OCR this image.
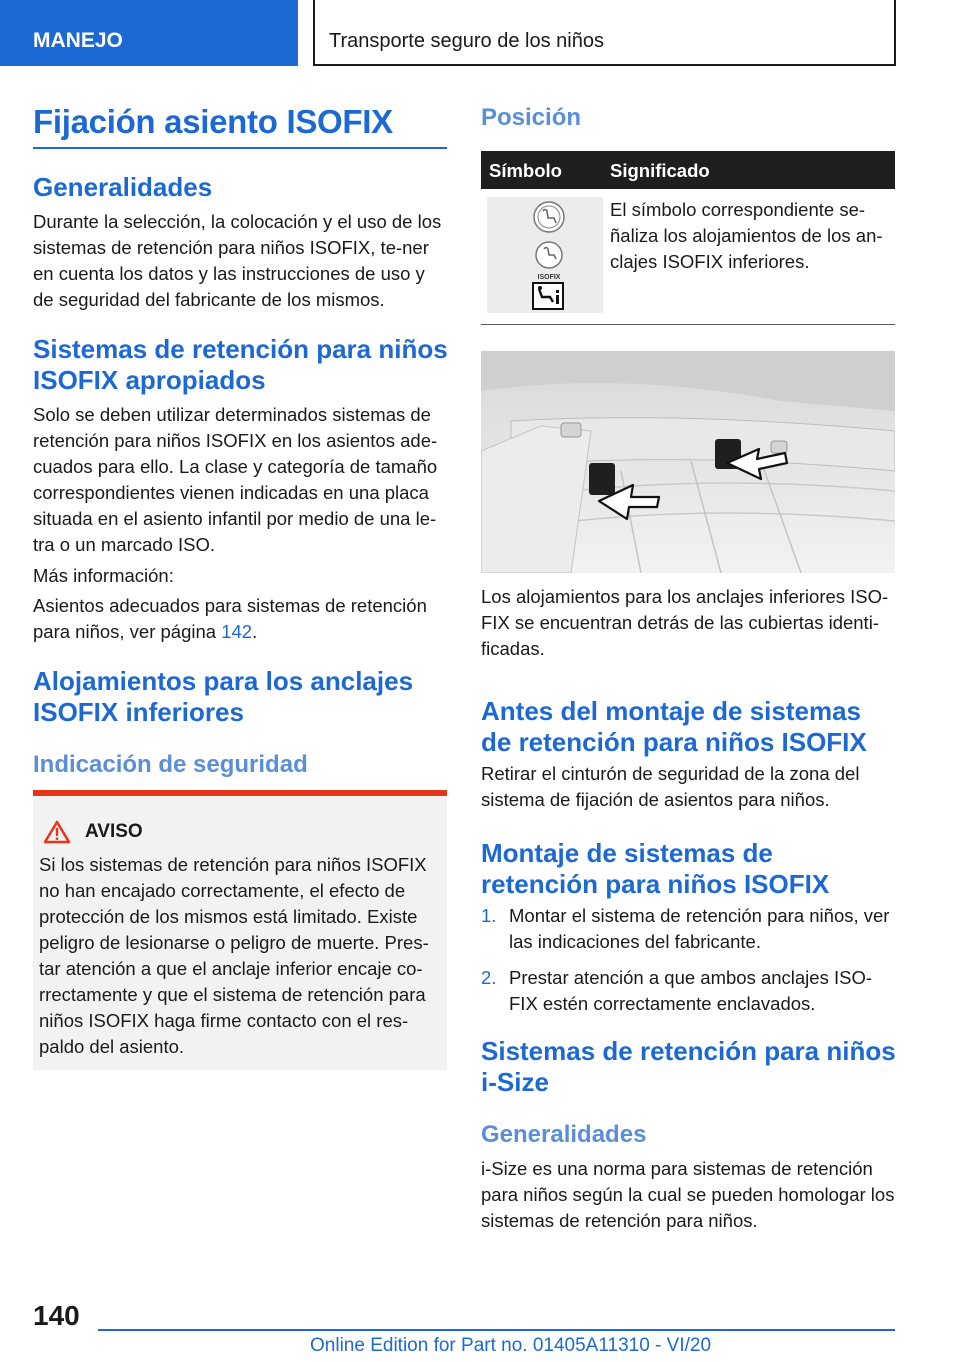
MANEJO	Transporte seguro de los niños
Fijación asiento ISOFIX
Generalidades
Durante la selección, la colocación y el uso de los sistemas de retención para niños ISOFIX, te-ner en cuenta los datos y las instrucciones de uso y de seguridad del fabricante de los mismos.
Sistemas de retención para niños
ISOFIX apropiados
Solo se deben utilizar determinados sistemas de retención para niños ISOFIX en los asientos ade-cuados para ello. La clase y categoría de tamaño correspondientes vienen indicadas en una placa situada en el asiento infantil por medio de una le-tra o un marcado ISO.
Más información:
Asientos adecuados para sistemas de retención para niños, ver página 142.
Alojamientos para los anclajes
ISOFIX inferiores
Indicación de seguridad
AVISO
Si los sistemas de retención para niños ISOFIX no han encajado correctamente, el efecto de protección de los mismos está limitado. Existe peligro de lesionarse o peligro de muerte. Pres-tar atención a que el anclaje inferior encaje co-rrectamente y que el sistema de retención para niños ISOFIX haga firme contacto con el res-paldo del asiento.
Posición
Símbolo	Significado
ISOFIX
El símbolo correspondiente se-ñaliza los alojamientos de los an-clajes ISOFIX inferiores.
Los alojamientos para los anclajes inferiores ISO-FIX se encuentran detrás de las cubiertas identi-ficadas.
Antes del montaje de sistemas
de retención para niños ISOFIX
Retirar el cinturón de seguridad de la zona del sistema de fijación de asientos para niños.
Montaje de sistemas de
retención para niños ISOFIX
1. Montar el sistema de retención para niños, ver las indicaciones del fabricante.
2. Prestar atención a que ambos anclajes ISO-FIX estén correctamente enclavados.
Sistemas de retención para niños
i-Size
Generalidades
i-Size es una norma para sistemas de retención para niños según la cual se pueden homologar los sistemas de retención para niños.
140
Online Edition for Part no. 01405A11310 - VI/20
